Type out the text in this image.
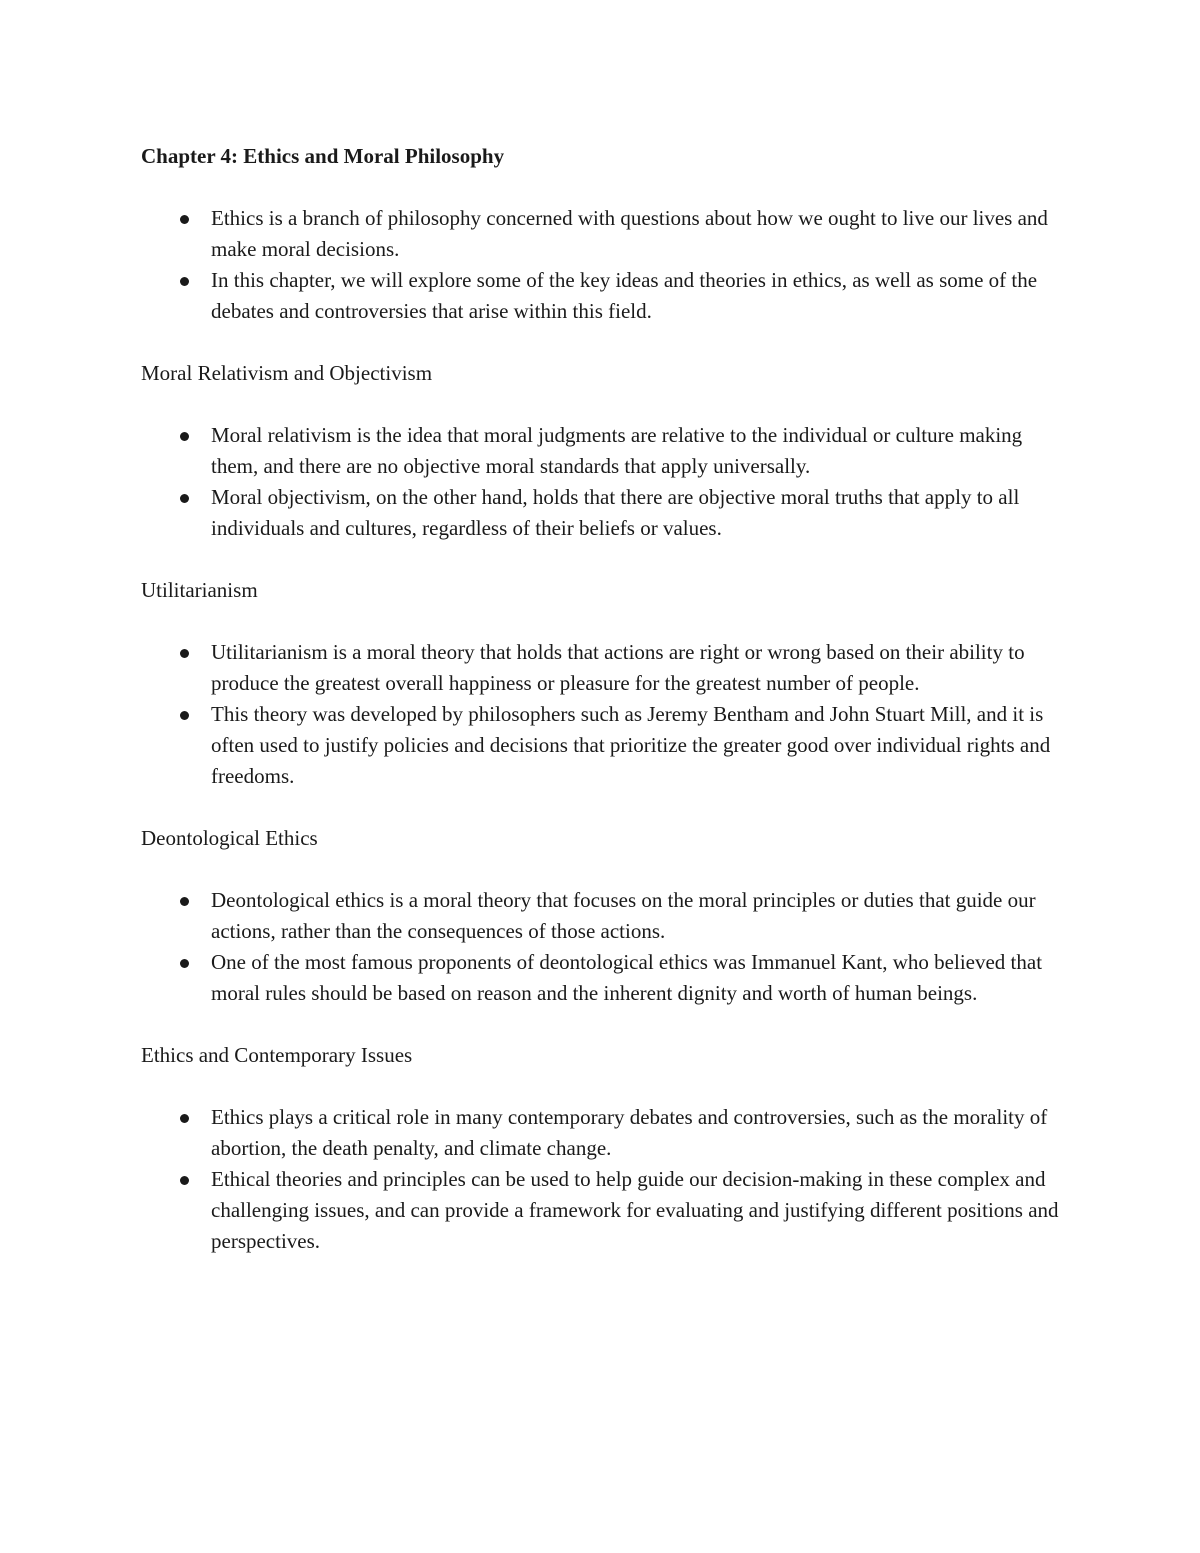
Chapter 4: Ethics and Moral Philosophy
Ethics is a branch of philosophy concerned with questions about how we ought to live our lives and make moral decisions.
In this chapter, we will explore some of the key ideas and theories in ethics, as well as some of the debates and controversies that arise within this field.
Moral Relativism and Objectivism
Moral relativism is the idea that moral judgments are relative to the individual or culture making them, and there are no objective moral standards that apply universally.
Moral objectivism, on the other hand, holds that there are objective moral truths that apply to all individuals and cultures, regardless of their beliefs or values.
Utilitarianism
Utilitarianism is a moral theory that holds that actions are right or wrong based on their ability to produce the greatest overall happiness or pleasure for the greatest number of people.
This theory was developed by philosophers such as Jeremy Bentham and John Stuart Mill, and it is often used to justify policies and decisions that prioritize the greater good over individual rights and freedoms.
Deontological Ethics
Deontological ethics is a moral theory that focuses on the moral principles or duties that guide our actions, rather than the consequences of those actions.
One of the most famous proponents of deontological ethics was Immanuel Kant, who believed that moral rules should be based on reason and the inherent dignity and worth of human beings.
Ethics and Contemporary Issues
Ethics plays a critical role in many contemporary debates and controversies, such as the morality of abortion, the death penalty, and climate change.
Ethical theories and principles can be used to help guide our decision-making in these complex and challenging issues, and can provide a framework for evaluating and justifying different positions and perspectives.
